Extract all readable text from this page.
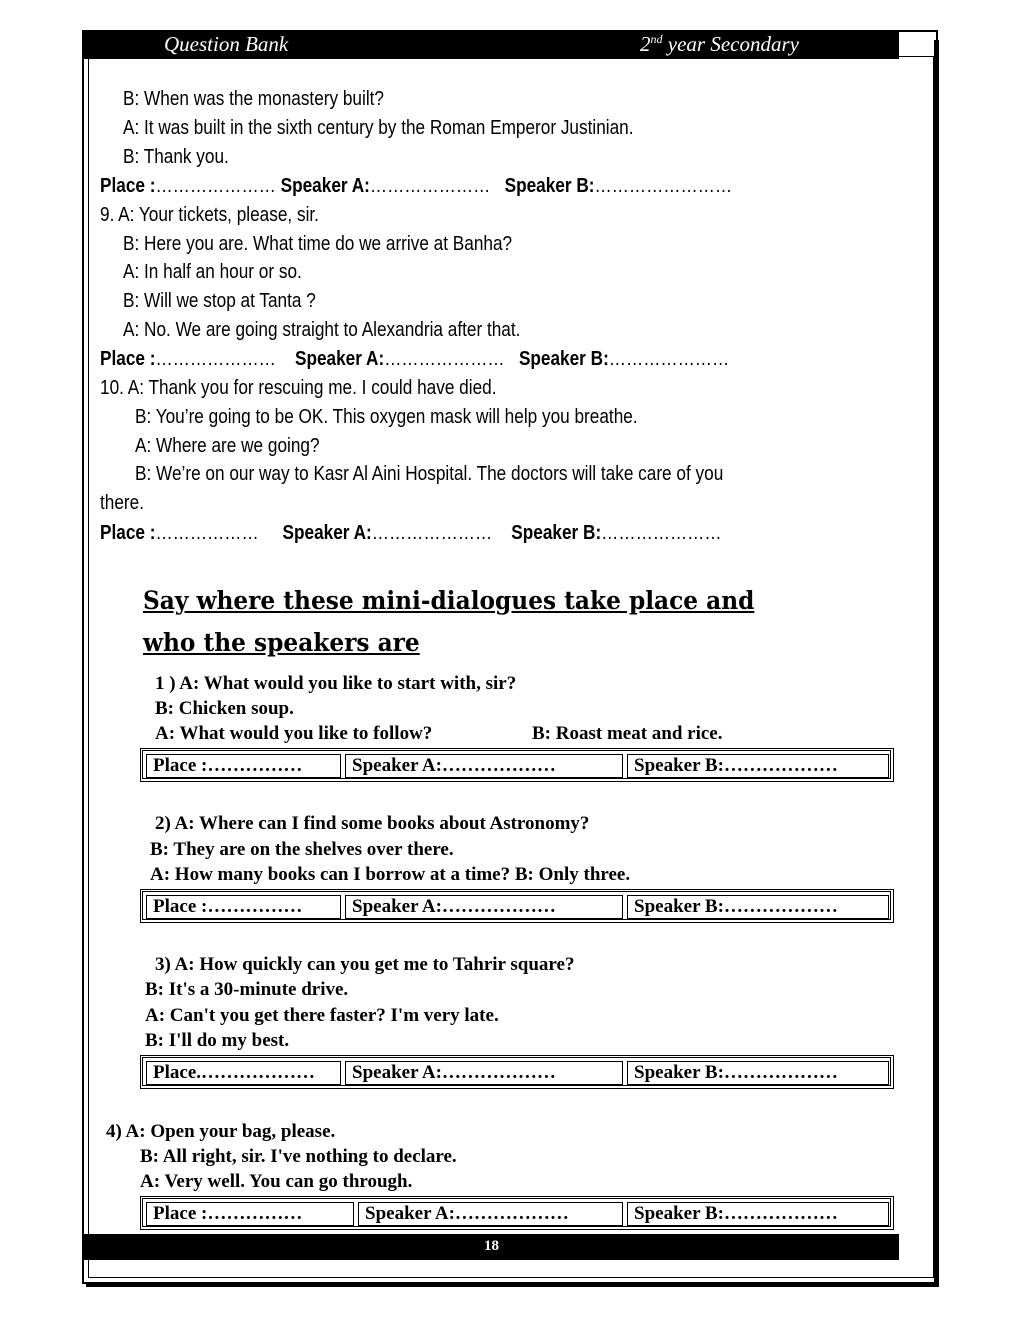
Question Bank	2nd year Secondary
B: When was the monastery built?
A: It was built in the sixth century by the Roman Emperor Justinian.
B: Thank you.
Place :………………… Speaker A:………………… Speaker B:……………………
9. A: Your tickets, please, sir.
B: Here you are. What time do we arrive at Banha?
A: In half an hour or so.
B: Will we stop at Tanta ?
A: No. We are going straight to Alexandria after that.
Place :………………… Speaker A:………………… Speaker B:…………………
10. A: Thank you for rescuing me. I could have died.
B: You’re going to be OK. This oxygen mask will help you breathe.
A: Where are we going?
B: We’re on our way to Kasr Al Aini Hospital. The doctors will take care of you
there.
Place :……………… Speaker A:………………… Speaker B:…………………
Say where these mini-dialogues take place and
who the speakers are
1 ) A: What would you like to start with, sir?
B: Chicken soup.
A: What would you like to follow?	B: Roast meat and rice.
Place :……………	Speaker A:………………	Speaker B:………………
2) A: Where can I find some books about Astronomy?
B: They are on the shelves over there.
A: How many books can I borrow at a time? B: Only three.
Place :……………	Speaker A:………………	Speaker B:………………
3) A: How quickly can you get me to Tahrir square?
B: It's a 30-minute drive.
A: Can't you get there faster? I'm very late.
B: I'll do my best.
Place.………………	Speaker A:………………	Speaker B:………………
4) A: Open your bag, please.
B: All right, sir. I've nothing to declare.
A: Very well. You can go through.
Place :……………	Speaker A:………………	Speaker B:………………
18
